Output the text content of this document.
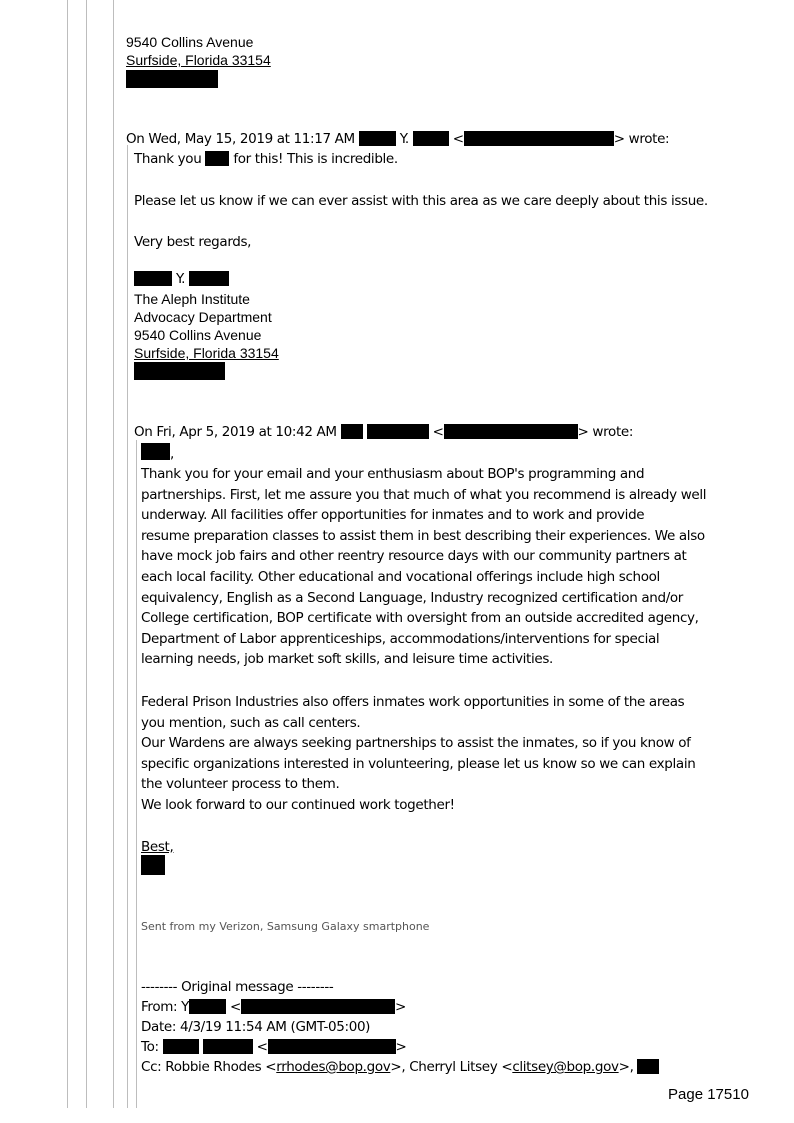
9540 Collins Avenue
Surfside, Florida 33154
On Wed, May 15, 2019 at 11:17 AM	Y.	<	> wrote:
Thank you for this! This is incredible.
Please let us know if we can ever assist with this area as we care deeply about this issue.
Very best regards,
Y.
The Aleph Institute
Advocacy Department
9540 Collins Avenue
Surfside, Florida 33154
On Fri, Apr 5, 2019 at 10:42 AM	<	> wrote:
,
Thank you for your email and your enthusiasm about BOP's programming and
partnerships. First, let me assure you that much of what you recommend is already well
underway. All facilities offer opportunities for inmates and to work and provide
resume preparation classes to assist them in best describing their experiences. We also
have mock job fairs and other reentry resource days with our community partners at
each local facility. Other educational and vocational offerings include high school
equivalency, English as a Second Language, Industry recognized certification and/or
College certification, BOP certificate with oversight from an outside accredited agency,
Department of Labor apprenticeships, accommodations/interventions for special
learning needs, job market soft skills, and leisure time activities.
Federal Prison Industries also offers inmates work opportunities in some of the areas
you mention, such as call centers.
Our Wardens are always seeking partnerships to assist the inmates, so if you know of
specific organizations interested in volunteering, please let us know so we can explain
the volunteer process to them.
We look forward to our continued work together!
Best,
Sent from my Verizon, Samsung Galaxy smartphone
-------- Original message --------
From: Y	<	>
Date: 4/3/19 11:54 AM (GMT-05:00)
To:	<	>
Cc: Robbie Rhodes <rrhodes@bop.gov>, Cherryl Litsey <clitsey@bop.gov>,
Page 17510
